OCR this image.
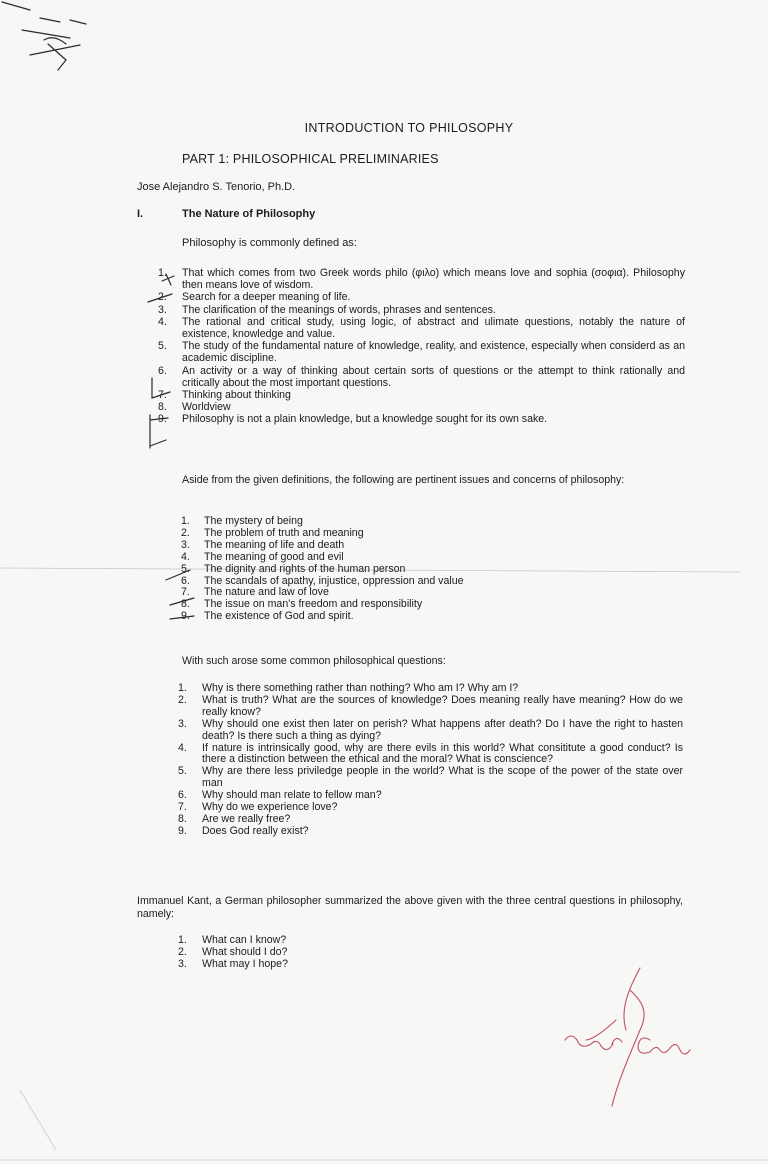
INTRODUCTION TO PHILOSOPHY
PART 1: PHILOSOPHICAL PRELIMINARIES
Jose Alejandro S. Tenorio, Ph.D.
I.	The Nature of Philosophy
Philosophy is commonly defined as:
1. That which comes from two Greek words philo (φιλο) which means love and sophia (σοφια). Philosophy then means love of wisdom.
2. Search for a deeper meaning of life.
3. The clarification of the meanings of words, phrases and sentences.
4. The rational and critical study, using logic, of abstract and ulimate questions, notably the nature of existence, knowledge and value.
5. The study of the fundamental nature of knowledge, reality, and existence, especially when considerd as an academic discipline.
6. An activity or a way of thinking about certain sorts of questions or the attempt to think rationally and critically about the most important questions.
7. Thinking about thinking
8. Worldview
9. Philosophy is not a plain knowledge, but a knowledge sought for its own sake.

Aside from the given definitions, the following are pertinent issues and concerns of philosophy:

1. The mystery of being
2. The problem of truth and meaning
3. The meaning of life and death
4. The meaning of good and evil
5. The dignity and rights of the human person
6. The scandals of apathy, injustice, oppression and value
7. The nature and law of love
8. The issue on man's freedom and responsibility
9. The existence of God and spirit.
With such arose some common philosophical questions:
1. Why is there something rather than nothing? Who am I? Why am I?
2. What is truth? What are the sources of knowledge? Does meaning really have meaning? How do we really know?
3. Why should one exist then later on perish? What happens after death? Do I have the right to hasten death? Is there such a thing as dying?
4. If nature is intrinsically good, why are there evils in this world? What consititute a good conduct? Is there a distinction between the ethical and the moral? What is conscience?
5. Why are there less priviledge people in the world? What is the scope of the power of the state over man
6. Why should man relate to fellow man?
7. Why do we experience love?
8. Are we really free?
9. Does God really exist?

Immanuel Kant, a German philosopher summarized the above given with the three central questions in philosophy, namely:

1. What can I know?
2. What should I do?
3. What may I hope?
